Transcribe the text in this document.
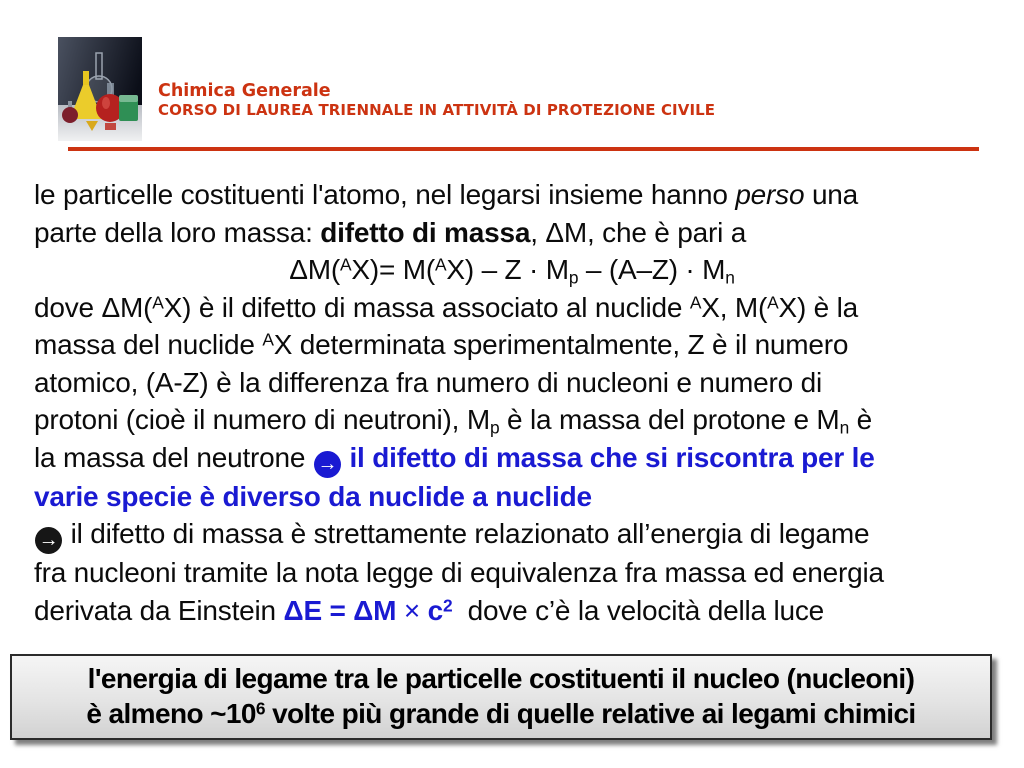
Chimica Generale
CORSO DI LAUREA TRIENNALE IN ATTIVITÀ DI PROTEZIONE CIVILE
le particelle costituenti l'atomo, nel legarsi insieme hanno perso una
parte della loro massa: difetto di massa, ΔM, che è pari a
ΔM($^A$X)= M($^A$X) – Z · Mp – (A–Z) · Mn
dove ΔM($^A$X) è il difetto di massa associato al nuclide $^A$X, M($^A$X) è la
massa del nuclide $^A$X determinata sperimentalmente, Z è il numero
atomico, (A-Z) è la differenza fra numero di nucleoni e numero di
protoni (cioè il numero di neutroni), Mp è la massa del protone e Mn è
la massa del neutrone → il difetto di massa che si riscontra per le
varie specie è diverso da nuclide a nuclide
→ il difetto di massa è strettamente relazionato all’energia di legame
fra nucleoni tramite la nota legge di equivalenza fra massa ed energia
derivata da Einstein $\Delta E = \Delta M \times c^2$  dove c’è la velocità della luce
l'energia di legame tra le particelle costituenti il nucleo (nucleoni)
è almeno $\sim 10^6$ volte più grande di quelle relative ai legami chimici
